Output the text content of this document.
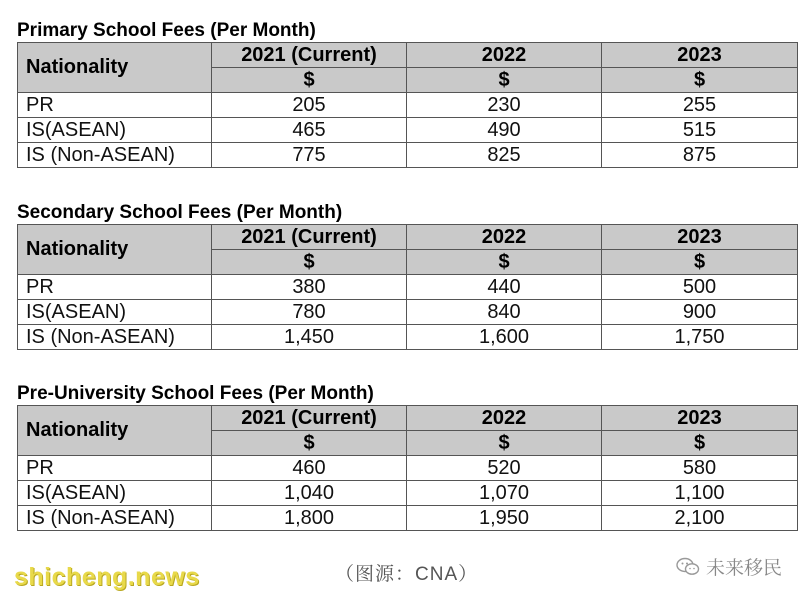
Primary School Fees (Per Month)
Nationality	2021 (Current)	2022	2023
	$	$	$
PR	205	230	255
IS(ASEAN)	465	490	515
IS (Non-ASEAN)	775	825	875
Secondary School Fees (Per Month)
Nationality	2021 (Current)	2022	2023
	$	$	$
PR	380	440	500
IS(ASEAN)	780	840	900
IS (Non-ASEAN)	1,450	1,600	1,750
Pre-University School Fees (Per Month)
Nationality	2021 (Current)	2022	2023
	$	$	$
PR	460	520	580
IS(ASEAN)	1,040	1,070	1,100
IS (Non-ASEAN)	1,800	1,950	2,100
shicheng.news	（图源：CNA）	未来移民
